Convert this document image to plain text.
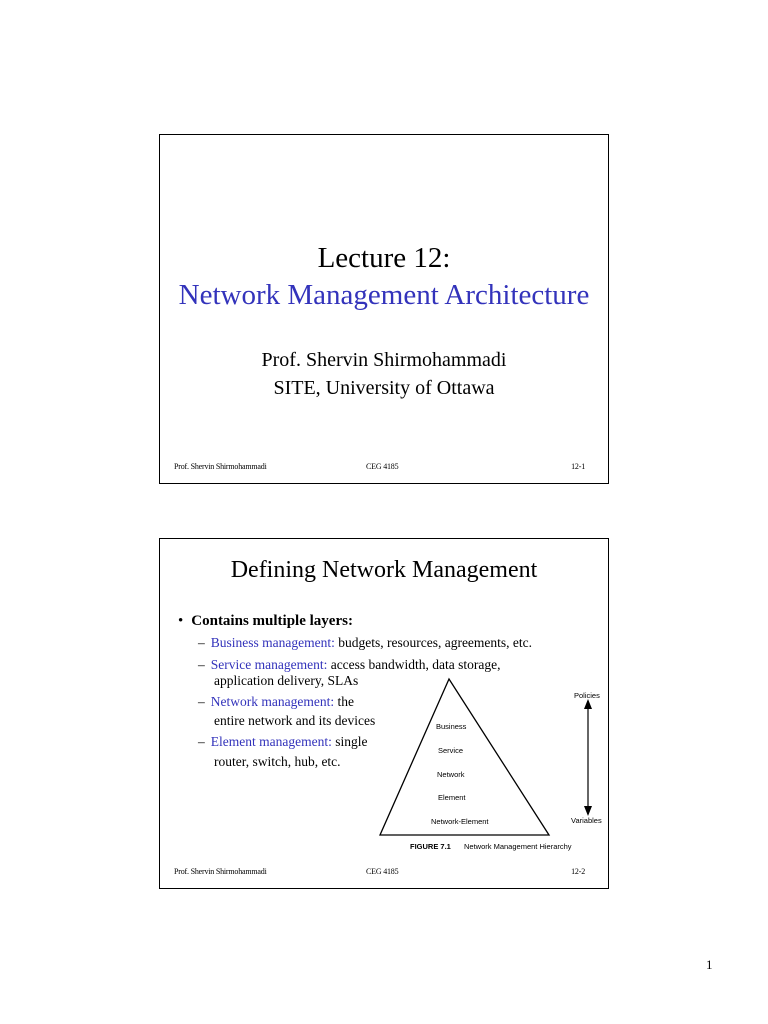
Lecture 12:
Network Management Architecture
Prof. Shervin Shirmohammadi
SITE, University of Ottawa
Prof. Shervin Shirmohammadi	CEG 4185	12-1
Defining Network Management
• Contains multiple layers:
– Business management: budgets, resources, agreements, etc.
– Service management: access bandwidth, data storage,
application delivery, SLAs
– Network management: the
entire network and its devices
– Element management: single
router, switch, hub, etc.
Business
Service
Network
Element
Network-Element
Policies
Variables
FIGURE 7.1 Network Management Hierarchy
Prof. Shervin Shirmohammadi	CEG 4185	12-2
1
